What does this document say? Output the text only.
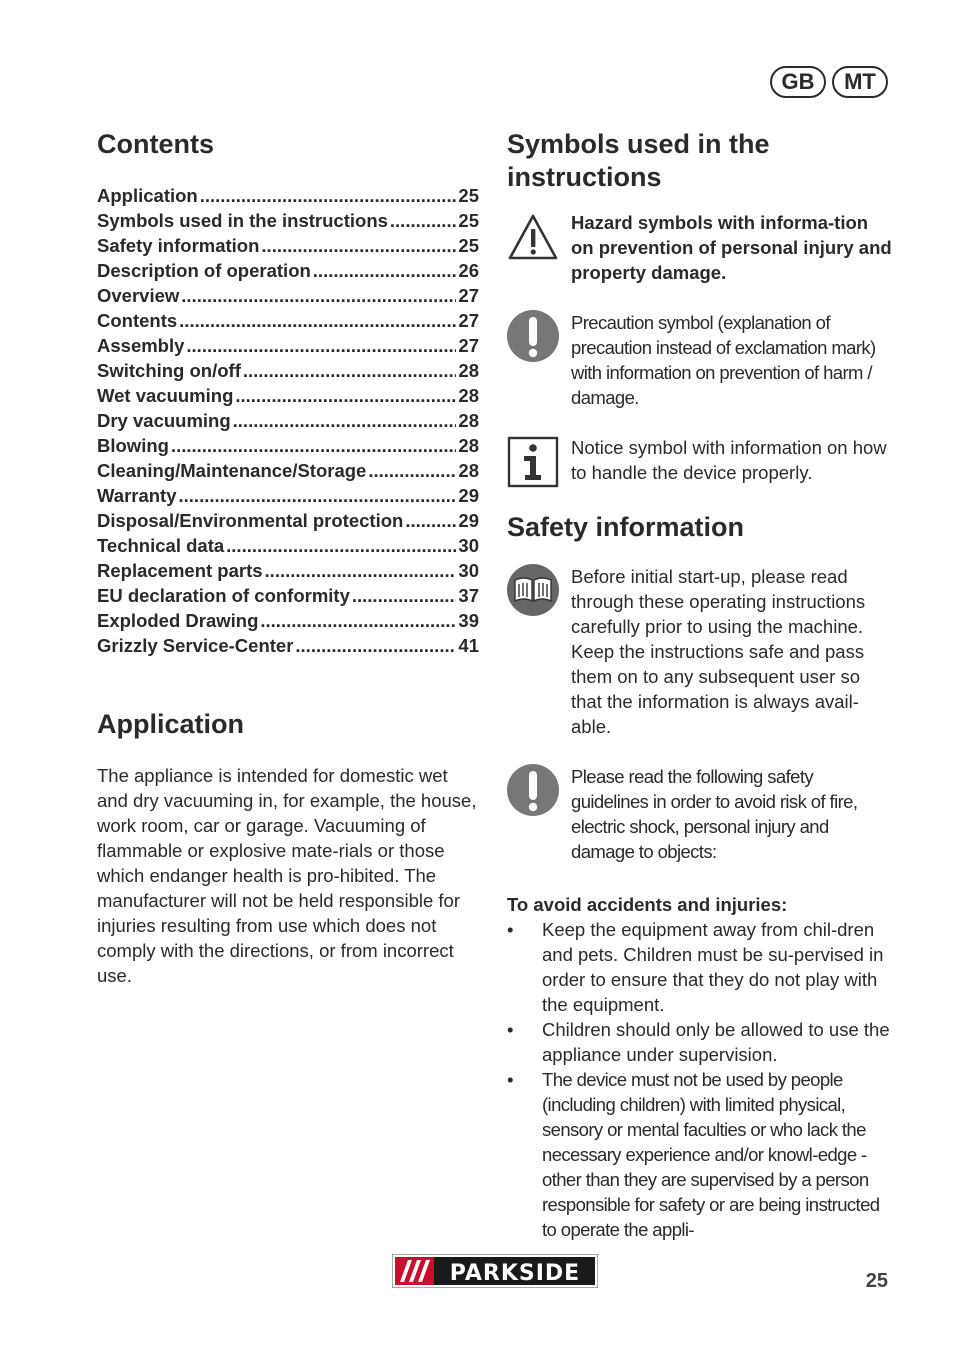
GB	MT
Contents
Application .....	25
Symbols used in the instructions .....	25
Safety information .....	25
Description of operation .....	26
Overview .....	27
Contents .....	27
Assembly .....	27
Switching on/off .....	28
Wet vacuuming .....	28
Dry vacuuming .....	28
Blowing .....	28
Cleaning/Maintenance/Storage .....	28
Warranty .....	29
Disposal/Environmental protection .....	29
Technical data .....	30
Replacement parts .....	30
EU declaration of conformity .....	37
Exploded Drawing .....	39
Grizzly Service-Center .....	41
Application

The appliance is intended for domestic wet and dry vacuuming in, for example, the house, work room, car or garage. Vacuuming of flammable or explosive mate-rials or those which endanger health is pro-hibited. The manufacturer will not be held responsible for injuries resulting from use which does not comply with the directions, or from incorrect use.

Symbols used in the instructions

Hazard symbols with informa-tion on prevention of personal injury and property damage.

Precaution symbol (explanation of precaution instead of exclamation mark) with information on prevention of harm / damage.

Notice symbol with information on how to handle the device properly.

Safety information

Before initial start-up, please read through these operating instructions carefully prior to using the machine. Keep the instructions safe and pass them on to any subsequent user so that the information is always avail-able.

Please read the following safety guidelines in order to avoid risk of fire, electric shock, personal injury and damage to objects:

To avoid accidents and injuries:

• Keep the equipment away from chil-dren and pets. Children must be su-pervised in order to ensure that they do not play with the equipment.
• Children should only be allowed to use the appliance under supervision.
• The device must not be used by people (including children) with limited physical, sensory or mental faculties or who lack the necessary experience and/or knowl-edge - other than they are supervised by a person responsible for safety or are being instructed to operate the appli-
PARKSIDE	25
